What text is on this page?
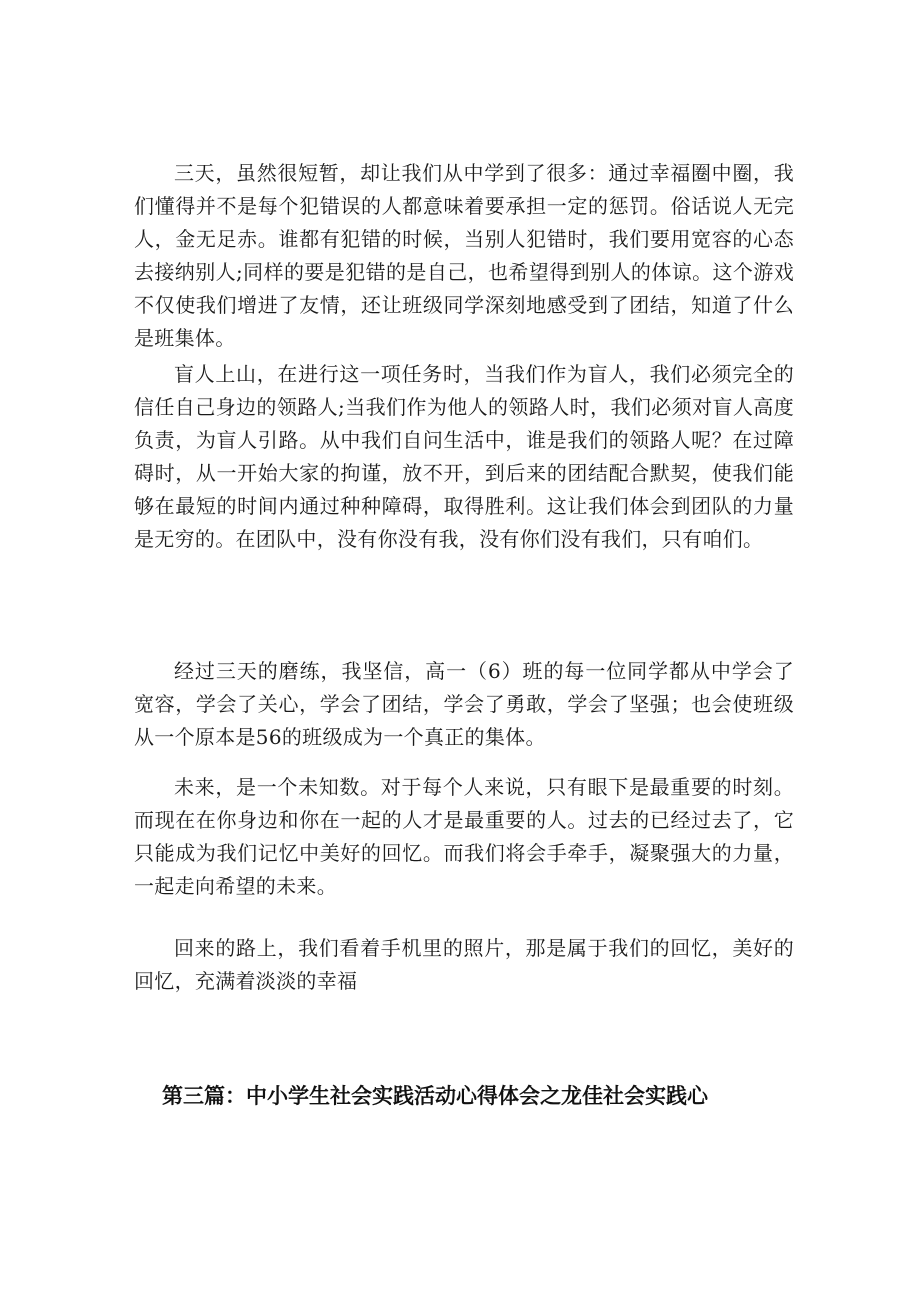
三天，虽然很短暂，却让我们从中学到了很多：通过幸福圈中圈，我们懂得并不是每个犯错误的人都意味着要承担一定的惩罚。俗话说人无完人，金无足赤。谁都有犯错的时候，当别人犯错时，我们要用宽容的心态去接纳别人;同样的要是犯错的是自己，也希望得到别人的体谅。这个游戏不仅使我们增进了友情，还让班级同学深刻地感受到了团结，知道了什么是班集体。

盲人上山，在进行这一项任务时，当我们作为盲人，我们必须完全的信任自己身边的领路人;当我们作为他人的领路人时，我们必须对盲人高度负责，为盲人引路。从中我们自问生活中，谁是我们的领路人呢？在过障碍时，从一开始大家的拘谨，放不开，到后来的团结配合默契，使我们能够在最短的时间内通过种种障碍，取得胜利。这让我们体会到团队的力量是无穷的。在团队中，没有你没有我，没有你们没有我们，只有咱们。

经过三天的磨练，我坚信，高一（6）班的每一位同学都从中学会了宽容，学会了关心，学会了团结，学会了勇敢，学会了坚强；也会使班级从一个原本是56的班级成为一个真正的集体。

未来，是一个未知数。对于每个人来说，只有眼下是最重要的时刻。而现在在你身边和你在一起的人才是最重要的人。过去的已经过去了，它只能成为我们记忆中美好的回忆。而我们将会手牵手，凝聚强大的力量，一起走向希望的未来。

回来的路上，我们看着手机里的照片，那是属于我们的回忆，美好的回忆，充满着淡淡的幸福

第三篇：中小学生社会实践活动心得体会之龙佳社会实践心
